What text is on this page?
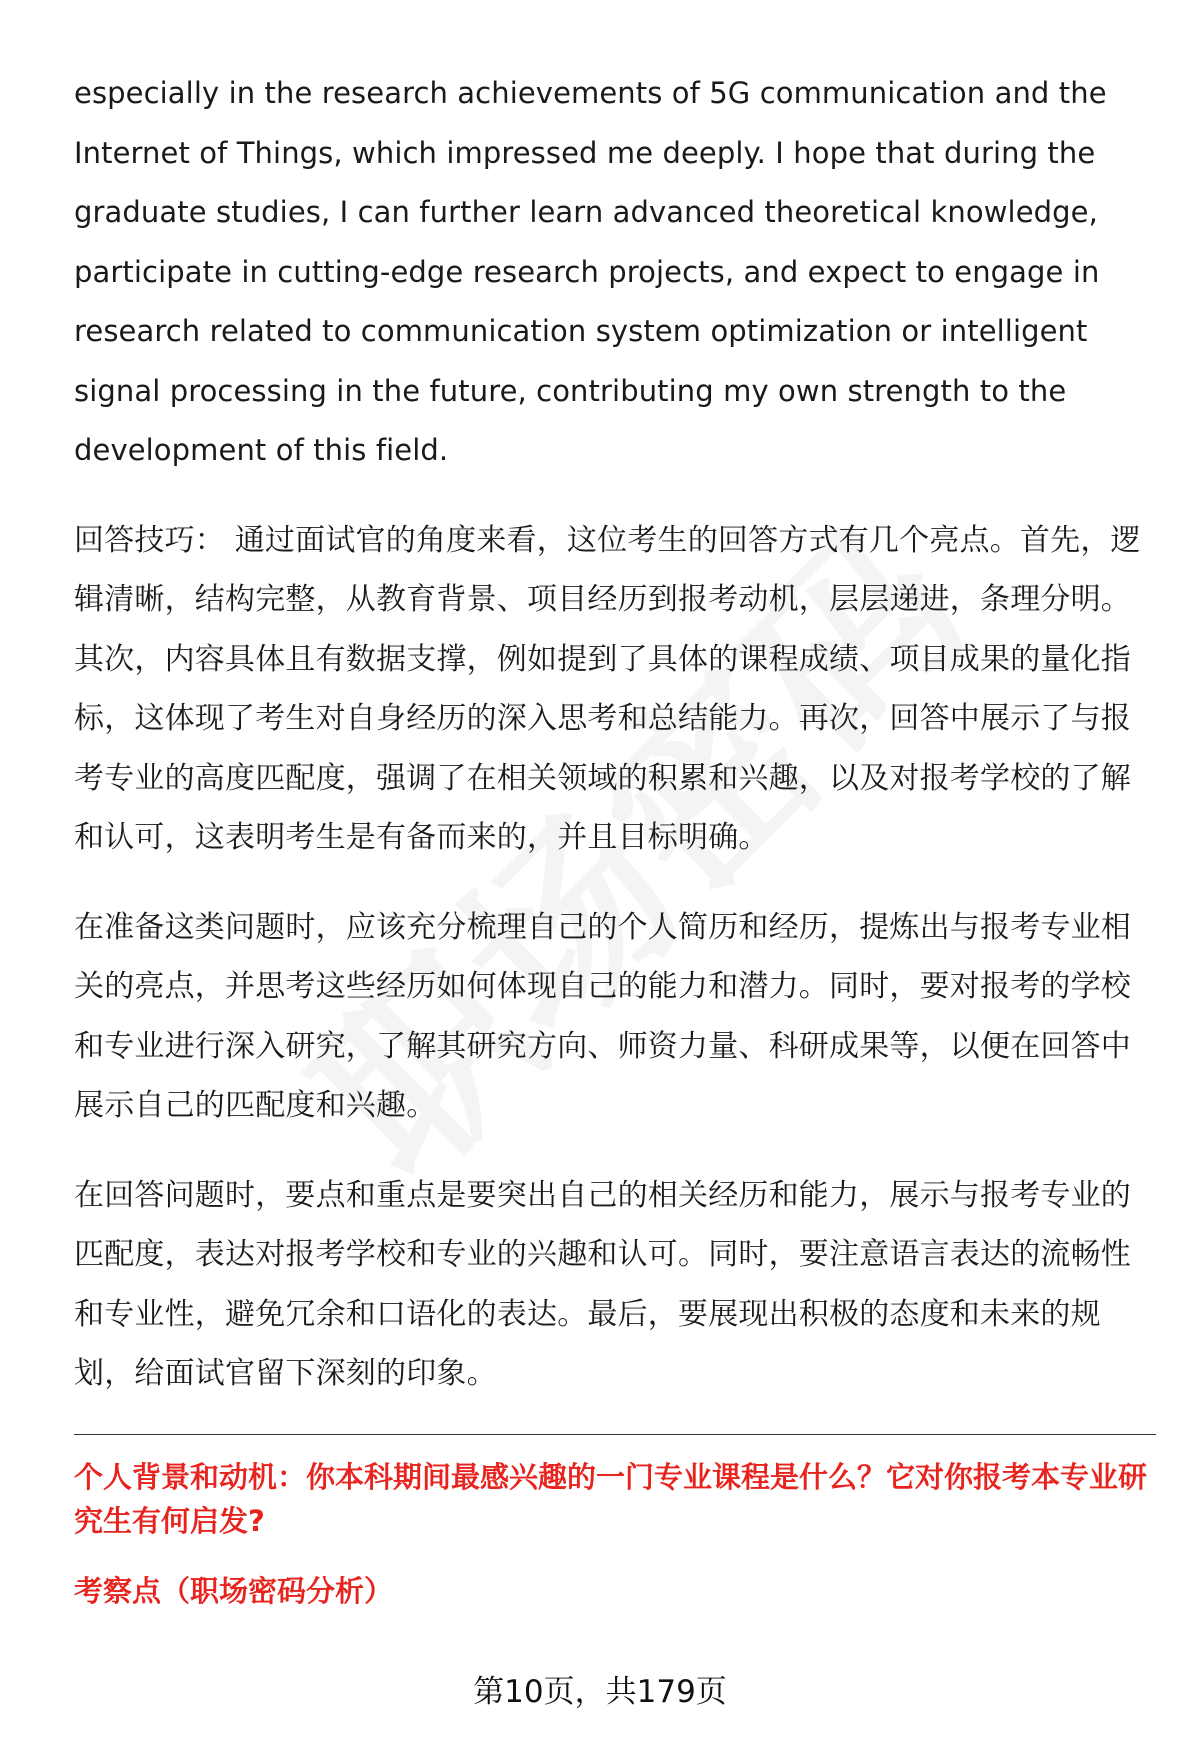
especially in the research achievements of 5G communication and the Internet of Things, which impressed me deeply. I hope that during the graduate studies, I can further learn advanced theoretical knowledge, participate in cutting-edge research projects, and expect to engage in research related to communication system optimization or intelligent signal processing in the future, contributing my own strength to the development of this field.

回答技巧： 通过面试官的角度来看，这位考生的回答方式有几个亮点。首先，逻辑清晰，结构完整，从教育背景、项目经历到报考动机，层层递进，条理分明。其次，内容具体且有数据支撑，例如提到了具体的课程成绩、项目成果的量化指标，这体现了考生对自身经历的深入思考和总结能力。再次，回答中展示了与报考专业的高度匹配度，强调了在相关领域的积累和兴趣，以及对报考学校的了解和认可，这表明考生是有备而来的，并且目标明确。

在准备这类问题时，应该充分梳理自己的个人简历和经历，提炼出与报考专业相关的亮点，并思考这些经历如何体现自己的能力和潜力。同时，要对报考的学校和专业进行深入研究，了解其研究方向、师资力量、科研成果等，以便在回答中展示自己的匹配度和兴趣。

在回答问题时，要点和重点是要突出自己的相关经历和能力，展示与报考专业的匹配度，表达对报考学校和专业的兴趣和认可。同时，要注意语言表达的流畅性和专业性，避免冗余和口语化的表达。最后，要展现出积极的态度和未来的规划，给面试官留下深刻的印象。

个人背景和动机：你本科期间最感兴趣的一门专业课程是什么？它对你报考本专业研究生有何启发?

考察点（职场密码分析）

第10页，共179页
